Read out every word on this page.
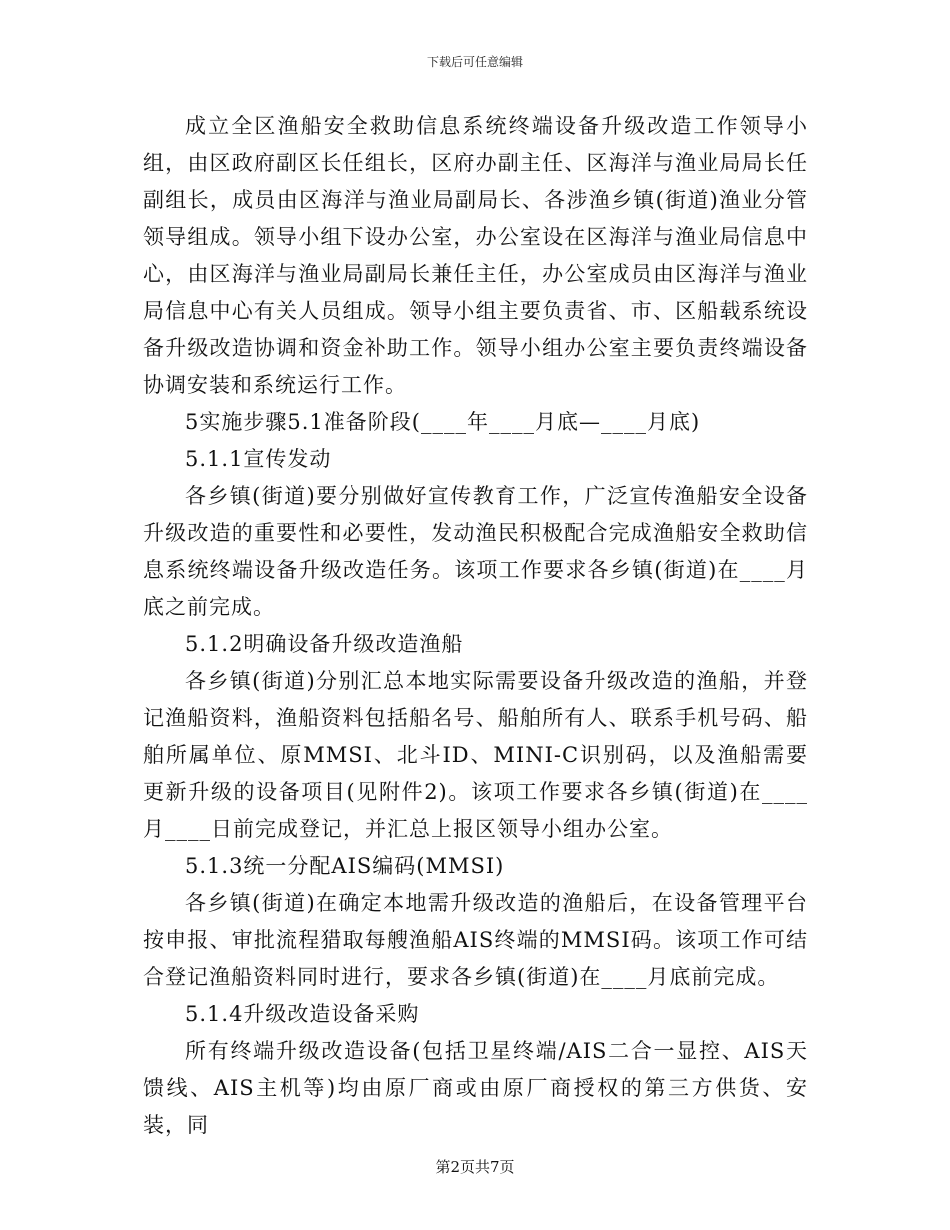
下载后可任意编辑

成立全区渔船安全救助信息系统终端设备升级改造工作领导小组，由区政府副区长任组长，区府办副主任、区海洋与渔业局局长任副组长，成员由区海洋与渔业局副局长、各涉渔乡镇(街道)渔业分管领导组成。领导小组下设办公室，办公室设在区海洋与渔业局信息中心，由区海洋与渔业局副局长兼任主任，办公室成员由区海洋与渔业局信息中心有关人员组成。领导小组主要负责省、市、区船载系统设备升级改造协调和资金补助工作。领导小组办公室主要负责终端设备协调安装和系统运行工作。

5实施步骤5.1准备阶段(____年____月底—____月底)

5.1.1宣传发动

各乡镇(街道)要分别做好宣传教育工作，广泛宣传渔船安全设备升级改造的重要性和必要性，发动渔民积极配合完成渔船安全救助信息系统终端设备升级改造任务。该项工作要求各乡镇(街道)在____月底之前完成。

5.1.2明确设备升级改造渔船

各乡镇(街道)分别汇总本地实际需要设备升级改造的渔船，并登记渔船资料，渔船资料包括船名号、船舶所有人、联系手机号码、船舶所属单位、原MMSI、北斗ID、MINI-C识别码，以及渔船需要更新升级的设备项目(见附件2)。该项工作要求各乡镇(街道)在____月____日前完成登记，并汇总上报区领导小组办公室。

5.1.3统一分配AIS编码(MMSI)

各乡镇(街道)在确定本地需升级改造的渔船后，在设备管理平台按申报、审批流程猎取每艘渔船AIS终端的MMSI码。该项工作可结合登记渔船资料同时进行，要求各乡镇(街道)在____月底前完成。

5.1.4升级改造设备采购

所有终端升级改造设备(包括卫星终端/AIS二合一显控、AIS天馈线、AIS主机等)均由原厂商或由原厂商授权的第三方供货、安装，同

第2页共7页
